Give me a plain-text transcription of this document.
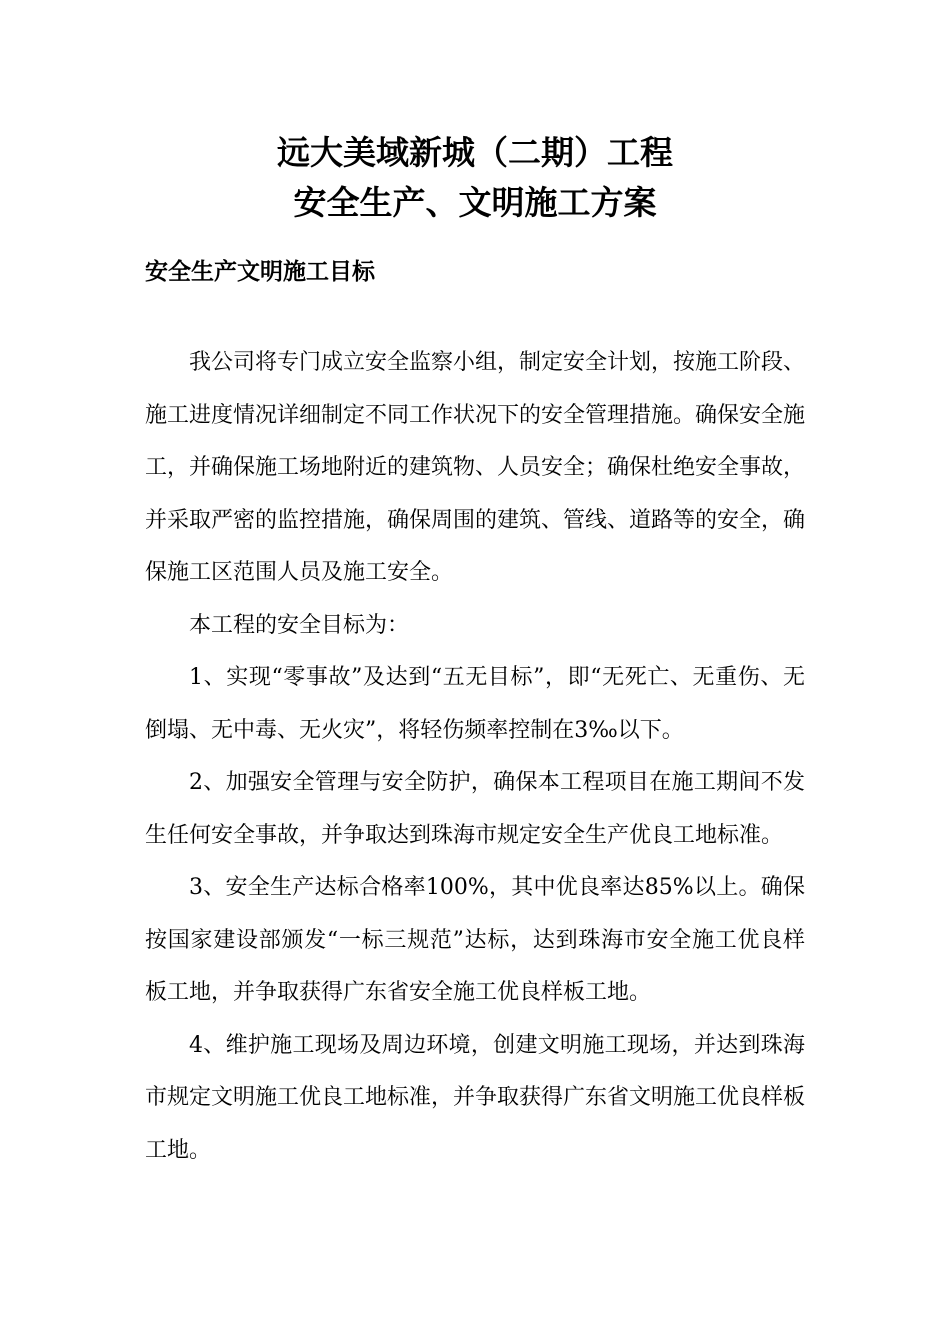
远大美域新城（二期）工程
安全生产、文明施工方案
安全生产文明施工目标

我公司将专门成立安全监察小组，制定安全计划，按施工阶段、施工进度情况详细制定不同工作状况下的安全管理措施。确保安全施工，并确保施工场地附近的建筑物、人员安全；确保杜绝安全事故，并采取严密的监控措施，确保周围的建筑、管线、道路等的安全，确保施工区范围人员及施工安全。

本工程的安全目标为：

1、实现“零事故”及达到“五无目标”，即“无死亡、无重伤、无倒塌、无中毒、无火灾”，将轻伤频率控制在3‰以下。

2、加强安全管理与安全防护，确保本工程项目在施工期间不发生任何安全事故，并争取达到珠海市规定安全生产优良工地标准。

3、安全生产达标合格率100%，其中优良率达85%以上。确保按国家建设部颁发“一标三规范”达标，达到珠海市安全施工优良样板工地，并争取获得广东省安全施工优良样板工地。

4、维护施工现场及周边环境，创建文明施工现场，并达到珠海市规定文明施工优良工地标准，并争取获得广东省文明施工优良样板工地。
